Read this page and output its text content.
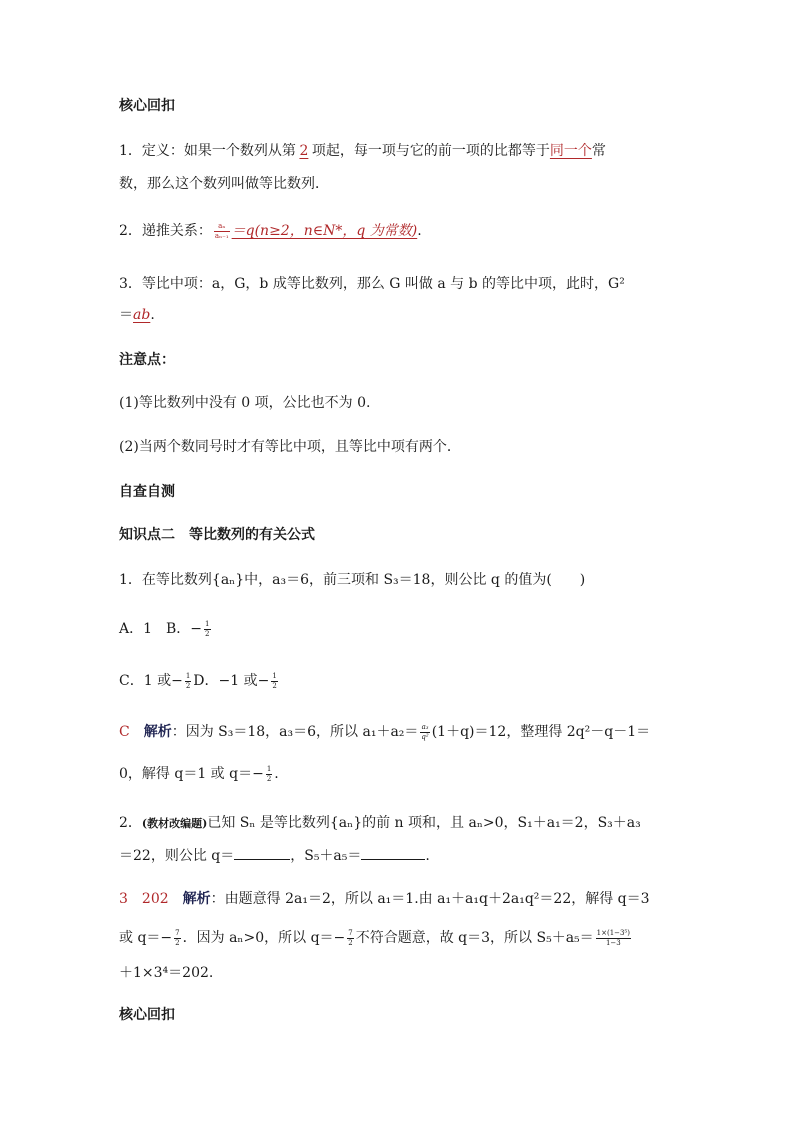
核心回扣
1．定义：如果一个数列从第 2 项起，每一项与它的前一项的比都等于同一个常
数，那么这个数列叫做等比数列．
2．递推关系： $\frac{\text{aₙ}}{\text{aₙ₋₁}} =q(n\ge 2$，n∈N*，q 为常数).
3．等比中项：a，G，b 成等比数列，那么 G 叫做 a 与 b 的等比中项，此时，G²
＝ab.
注意点：
(1)等比数列中没有 0 项，公比也不为 0.
(2)当两个数同号时才有等比中项，且等比中项有两个．
自查自测
知识点二　等比数列的有关公式
1．在等比数列{aₙ}中，a₃＝6，前三项和 S₃＝18，则公比 q 的值为(　　)
A．1　B．− $\frac{1}{2}$
C．1 或− $\frac{1}{2}$ D．−1 或− $\frac{1}{2}$
C　 解析：因为 S₃＝18，a₃＝6，所以 $a_1+a_2= \frac{\text{a₃}}{\text{q²}} (1+q)=12$，整理得 2q²－q－1＝
0，解得 q＝1 或 $q=- \frac{1}{2}$ .
2．(教材改编题)已知 Sₙ 是等比数列{aₙ}的前 n 项和，且 aₙ>0，S₁＋a₁＝2，S₃＋a₃
＝22，则公比 q＝	，S₅＋a₅＝	.
3　 202　 解析：由题意得 2a₁＝2，所以 a₁＝1.由 a₁＋a₁q＋2a₁q²＝22，解得 q＝3
或 $q=- \frac{7}{2}$ ．因为 aₙ>0，所以 $q=- \frac{7}{2}$ 不符合题意，故 q＝3，所以 $S_5+a_5= \frac{\text{1×(1−3⁵)}}{1-3}$
＋1×3⁴＝202.
核心回扣
